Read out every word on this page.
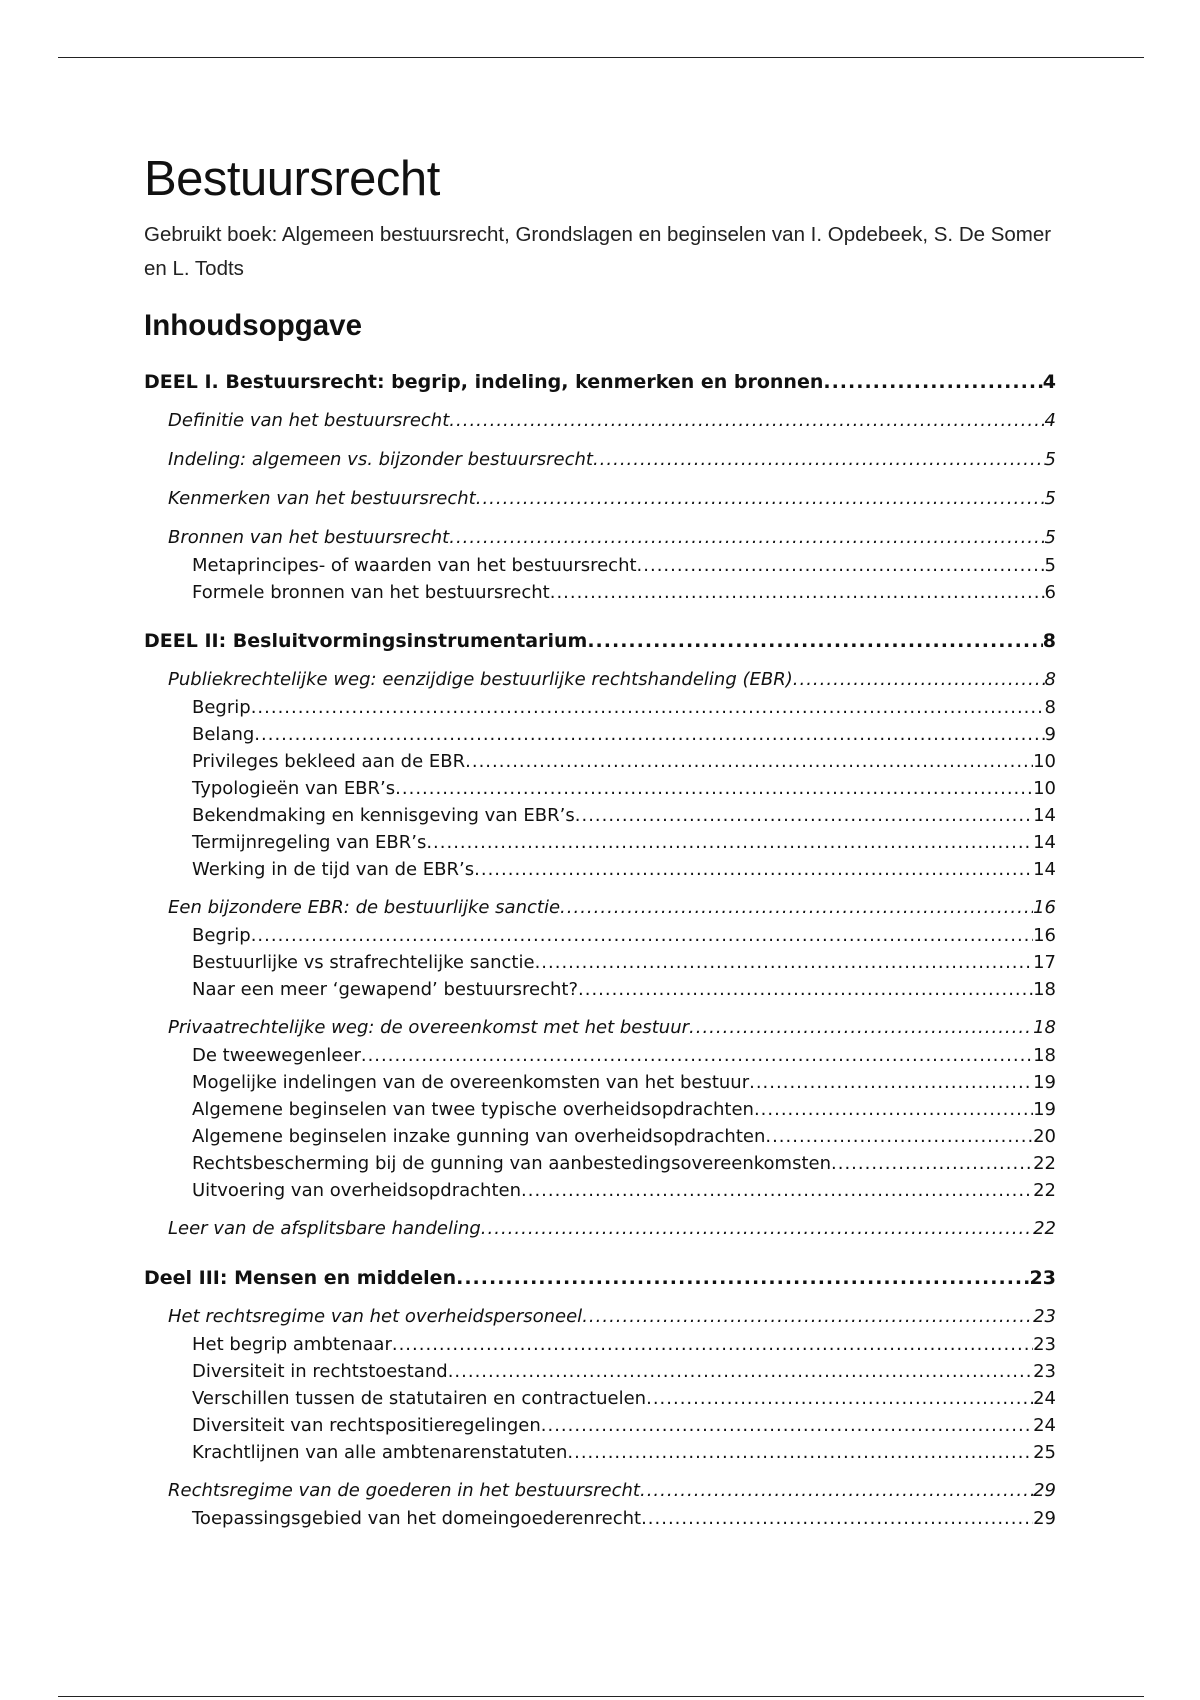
Bestuursrecht

Gebruikt boek: Algemeen bestuursrecht, Grondslagen en beginselen van I. Opdebeek, S. De Somer en L. Todts

Inhoudsopgave
DEEL I. Bestuursrecht: begrip, indeling, kenmerken en bronnen .....	4
Definitie van het bestuursrecht .....	4
Indeling: algemeen vs. bijzonder bestuursrecht .....	5
Kenmerken van het bestuursrecht .....	5
Bronnen van het bestuursrecht .....	5
Metaprincipes- of waarden van het bestuursrecht .....	5
Formele bronnen van het bestuursrecht .....	6
DEEL II: Besluitvormingsinstrumentarium .....	8
Publiekrechtelijke weg: eenzijdige bestuurlijke rechtshandeling (EBR) .....	8
Begrip .....	8
Belang .....	9
Privileges bekleed aan de EBR .....	10
Typologieën van EBR’s .....	10
Bekendmaking en kennisgeving van EBR’s .....	14
Termijnregeling van EBR’s .....	14
Werking in de tijd van de EBR’s .....	14
Een bijzondere EBR: de bestuurlijke sanctie .....	16
Begrip .....	16
Bestuurlijke vs strafrechtelijke sanctie .....	17
Naar een meer ‘gewapend’ bestuursrecht? .....	18
Privaatrechtelijke weg: de overeenkomst met het bestuur .....	18
De tweewegenleer .....	18
Mogelijke indelingen van de overeenkomsten van het bestuur .....	19
Algemene beginselen van twee typische overheidsopdrachten .....	19
Algemene beginselen inzake gunning van overheidsopdrachten .....	20
Rechtsbescherming bij de gunning van aanbestedingsovereenkomsten .....	22
Uitvoering van overheidsopdrachten .....	22
Leer van de afsplitsbare handeling .....	22
Deel III: Mensen en middelen .....	23
Het rechtsregime van het overheidspersoneel .....	23
Het begrip ambtenaar .....	23
Diversiteit in rechtstoestand .....	23
Verschillen tussen de statutairen en contractuelen .....	24
Diversiteit van rechtspositieregelingen .....	24
Krachtlijnen van alle ambtenarenstatuten .....	25
Rechtsregime van de goederen in het bestuursrecht .....	29
Toepassingsgebied van het domeingoederenrecht .....	29
